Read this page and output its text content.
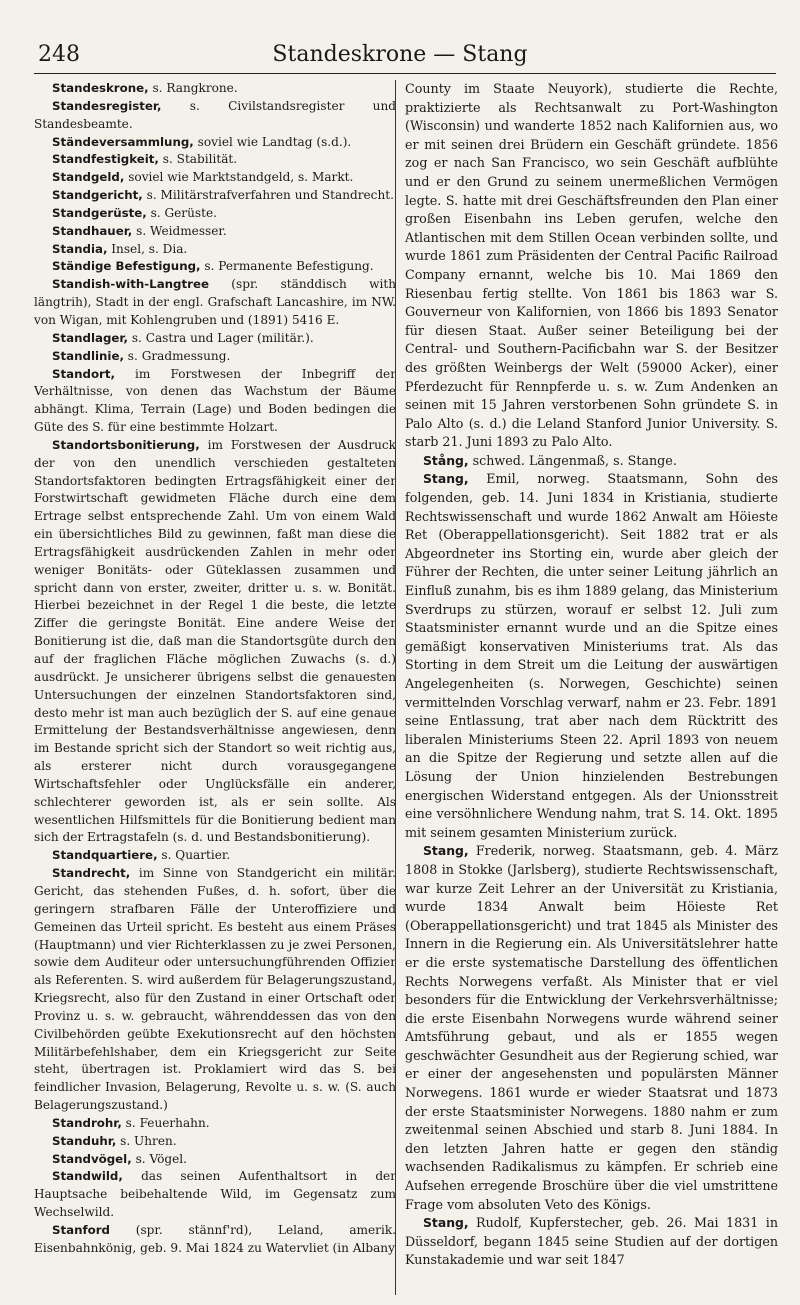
248	Standeskrone — Stang

Standeskrone, s. Rangkrone.

Standesregister, s. Civilstandsregister und Standesbeamte.

Ständeversammlung, soviel wie Landtag (s.d.).

Standfestigkeit, s. Stabilität.

Standgeld, soviel wie Marktstandgeld, s. Markt.

Standgericht, s. Militärstrafverfahren und Standrecht.

Standgerüste, s. Gerüste.

Standhauer, s. Weidmesser.

Standia, Insel, s. Dia.

Ständige Befestigung, s. Permanente Befestigung.

Standish-with-Langtree (spr. ständdisch with längtrih), Stadt in der engl. Grafschaft Lancashire, im NW. von Wigan, mit Kohlengruben und (1891) 5416 E.

Standlager, s. Castra und Lager (militär.).

Standlinie, s. Gradmessung.

Standort, im Forstwesen der Inbegriff der Verhältnisse, von denen das Wachstum der Bäume abhängt. Klima, Terrain (Lage) und Boden bedingen die Güte des S. für eine bestimmte Holzart.

Standortsbonitierung, im Forstwesen der Ausdruck der von den unendlich verschieden gestalteten Standortsfaktoren bedingten Ertragsfähigkeit einer der Forstwirtschaft gewidmeten Fläche durch eine dem Ertrage selbst entsprechende Zahl. Um von einem Wald ein übersichtliches Bild zu gewinnen, faßt man diese die Ertragsfähigkeit ausdrückenden Zahlen in mehr oder weniger Bonitäts- oder Güteklassen zusammen und spricht dann von erster, zweiter, dritter u. s. w. Bonität. Hierbei bezeichnet in der Regel 1 die beste, die letzte Ziffer die geringste Bonität. Eine andere Weise der Bonitierung ist die, daß man die Standortsgüte durch den auf der fraglichen Fläche möglichen Zuwachs (s. d.) ausdrückt. Je unsicherer übrigens selbst die genauesten Untersuchungen der einzelnen Standortsfaktoren sind, desto mehr ist man auch bezüglich der S. auf eine genaue Ermittelung der Bestandsverhältnisse angewiesen, denn im Bestande spricht sich der Standort so weit richtig aus, als ersterer nicht durch vorausgegangene Wirtschaftsfehler oder Unglücksfälle ein anderer, schlechterer geworden ist, als er sein sollte. Als wesentlichen Hilfsmittels für die Bonitierung bedient man sich der Ertragstafeln (s. d. und Bestandsbonitierung).

Standquartiere, s. Quartier.

Standrecht, im Sinne von Standgericht ein militär. Gericht, das stehenden Fußes, d. h. sofort, über die geringern strafbaren Fälle der Unteroffiziere und Gemeinen das Urteil spricht. Es besteht aus einem Präses (Hauptmann) und vier Richterklassen zu je zwei Personen, sowie dem Auditeur oder untersuchungführenden Offizier als Referenten. S. wird außerdem für Belagerungszustand, Kriegsrecht, also für den Zustand in einer Ortschaft oder Provinz u. s. w. gebraucht, währenddessen das von den Civilbehörden geübte Exekutionsrecht auf den höchsten Militärbefehlshaber, dem ein Kriegsgericht zur Seite steht, übertragen ist. Proklamiert wird das S. bei feindlicher Invasion, Belagerung, Revolte u. s. w. (S. auch Belagerungszustand.)

Standrohr, s. Feuerhahn.

Standuhr, s. Uhren.

Standvögel, s. Vögel.

Standwild, das seinen Aufenthaltsort in der Hauptsache beibehaltende Wild, im Gegensatz zum Wechselwild.

Stanford (spr. stännf'rd), Leland, amerik. Eisenbahnkönig, geb. 9. Mai 1824 zu Watervliet (in Albany

County im Staate Neuyork), studierte die Rechte, praktizierte als Rechtsanwalt zu Port-Washington (Wisconsin) und wanderte 1852 nach Kalifornien aus, wo er mit seinen drei Brüdern ein Geschäft gründete. 1856 zog er nach San Francisco, wo sein Geschäft aufblühte und er den Grund zu seinem unermeßlichen Vermögen legte. S. hatte mit drei Geschäftsfreunden den Plan einer großen Eisenbahn ins Leben gerufen, welche den Atlantischen mit dem Stillen Ocean verbinden sollte, und wurde 1861 zum Präsidenten der Central Pacific Railroad Company ernannt, welche bis 10. Mai 1869 den Riesenbau fertig stellte. Von 1861 bis 1863 war S. Gouverneur von Kalifornien, von 1866 bis 1893 Senator für diesen Staat. Außer seiner Beteiligung bei der Central- und Southern-Pacificbahn war S. der Besitzer des größten Weinbergs der Welt (59000 Acker), einer Pferdezucht für Rennpferde u. s. w. Zum Andenken an seinen mit 15 Jahren verstorbenen Sohn gründete S. in Palo Alto (s. d.) die Leland Stanford Junior University. S. starb 21. Juni 1893 zu Palo Alto.

Stång, schwed. Längenmaß, s. Stange.

Stang, Emil, norweg. Staatsmann, Sohn des folgenden, geb. 14. Juni 1834 in Kristiania, studierte Rechtswissenschaft und wurde 1862 Anwalt am Höieste Ret (Oberappellationsgericht). Seit 1882 trat er als Abgeordneter ins Storting ein, wurde aber gleich der Führer der Rechten, die unter seiner Leitung jährlich an Einfluß zunahm, bis es ihm 1889 gelang, das Ministerium Sverdrups zu stürzen, worauf er selbst 12. Juli zum Staatsminister ernannt wurde und an die Spitze eines gemäßigt konservativen Ministeriums trat. Als das Storting in dem Streit um die Leitung der auswärtigen Angelegenheiten (s. Norwegen, Geschichte) seinen vermittelnden Vorschlag verwarf, nahm er 23. Febr. 1891 seine Entlassung, trat aber nach dem Rücktritt des liberalen Ministeriums Steen 22. April 1893 von neuem an die Spitze der Regierung und setzte allen auf die Lösung der Union hinzielenden Bestrebungen energischen Widerstand entgegen. Als der Unionsstreit eine versöhnlichere Wendung nahm, trat S. 14. Okt. 1895 mit seinem gesamten Ministerium zurück.

Stang, Frederik, norweg. Staatsmann, geb. 4. März 1808 in Stokke (Jarlsberg), studierte Rechtswissenschaft, war kurze Zeit Lehrer an der Universität zu Kristiania, wurde 1834 Anwalt beim Höieste Ret (Oberappellationsgericht) und trat 1845 als Minister des Innern in die Regierung ein. Als Universitätslehrer hatte er die erste systematische Darstellung des öffentlichen Rechts Norwegens verfaßt. Als Minister that er viel besonders für die Entwicklung der Verkehrsverhältnisse; die erste Eisenbahn Norwegens wurde während seiner Amtsführung gebaut, und als er 1855 wegen geschwächter Gesundheit aus der Regierung schied, war er einer der angesehensten und populärsten Männer Norwegens. 1861 wurde er wieder Staatsrat und 1873 der erste Staatsminister Norwegens. 1880 nahm er zum zweitenmal seinen Abschied und starb 8. Juni 1884. In den letzten Jahren hatte er gegen den ständig wachsenden Radikalismus zu kämpfen. Er schrieb eine Aufsehen erregende Broschüre über die viel umstrittene Frage vom absoluten Veto des Königs.

Stang, Rudolf, Kupferstecher, geb. 26. Mai 1831 in Düsseldorf, begann 1845 seine Studien auf der dortigen Kunstakademie und war seit 1847
